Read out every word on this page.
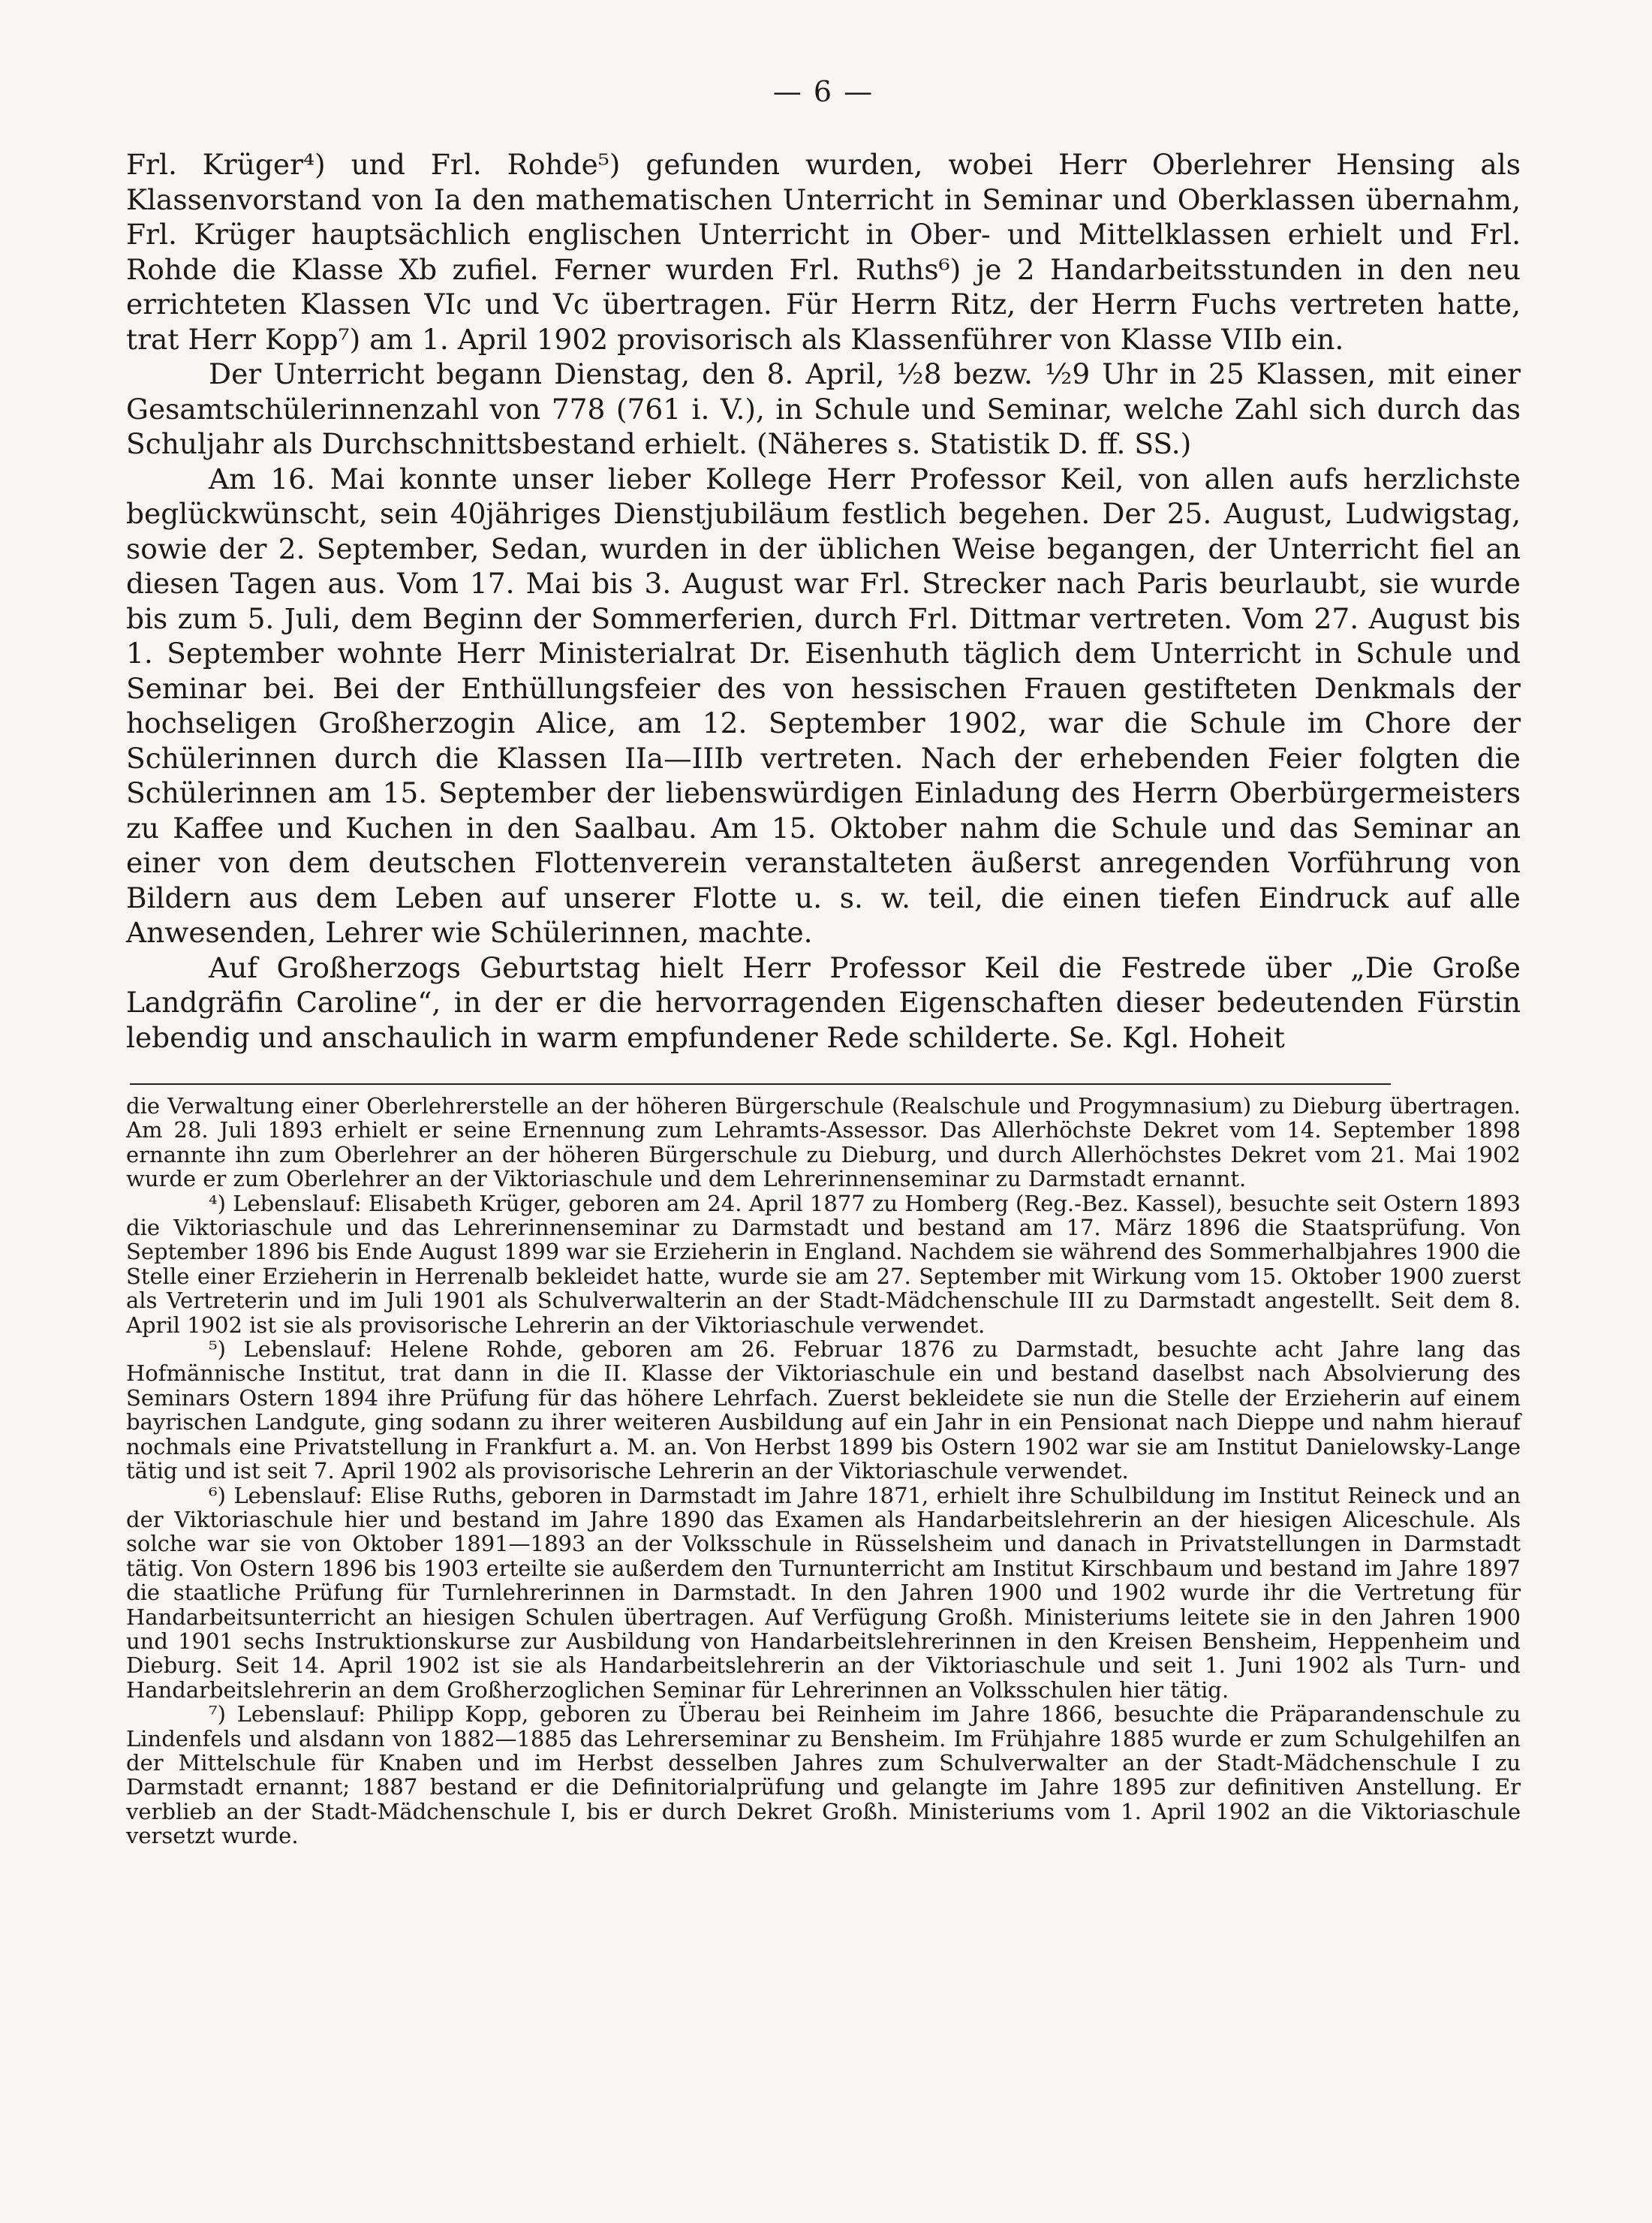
— 6 —

Frl. Krüger⁴) und Frl. Rohde⁵) gefunden wurden, wobei Herr Oberlehrer Hensing als Klassenvorstand von Ia den mathematischen Unterricht in Seminar und Oberklassen übernahm, Frl. Krüger hauptsächlich englischen Unterricht in Ober- und Mittelklassen erhielt und Frl. Rohde die Klasse Xb zufiel. Ferner wurden Frl. Ruths⁶) je 2 Handarbeitsstunden in den neu errichteten Klassen VIc und Vc übertragen. Für Herrn Ritz, der Herrn Fuchs vertreten hatte, trat Herr Kopp⁷) am 1. April 1902 provisorisch als Klassenführer von Klasse VIIb ein.

Der Unterricht begann Dienstag, den 8. April, ½8 bezw. ½9 Uhr in 25 Klassen, mit einer Gesamtschülerinnenzahl von 778 (761 i. V.), in Schule und Seminar, welche Zahl sich durch das Schuljahr als Durchschnittsbestand erhielt. (Näheres s. Statistik D. ff. SS.)

Am 16. Mai konnte unser lieber Kollege Herr Professor Keil, von allen aufs herzlichste beglückwünscht, sein 40jähriges Dienstjubiläum festlich begehen. Der 25. August, Ludwigstag, sowie der 2. September, Sedan, wurden in der üblichen Weise begangen, der Unterricht fiel an diesen Tagen aus. Vom 17. Mai bis 3. August war Frl. Strecker nach Paris beurlaubt, sie wurde bis zum 5. Juli, dem Beginn der Sommerferien, durch Frl. Dittmar vertreten. Vom 27. August bis 1. September wohnte Herr Ministerialrat Dr. Eisenhuth täglich dem Unterricht in Schule und Seminar bei. Bei der Enthüllungsfeier des von hessischen Frauen gestifteten Denkmals der hochseligen Großherzogin Alice, am 12. September 1902, war die Schule im Chore der Schülerinnen durch die Klassen IIa—IIIb vertreten. Nach der erhebenden Feier folgten die Schülerinnen am 15. September der liebenswürdigen Einladung des Herrn Oberbürgermeisters zu Kaffee und Kuchen in den Saalbau. Am 15. Oktober nahm die Schule und das Seminar an einer von dem deutschen Flottenverein veranstalteten äußerst anregenden Vorführung von Bildern aus dem Leben auf unserer Flotte u. s. w. teil, die einen tiefen Eindruck auf alle Anwesenden, Lehrer wie Schülerinnen, machte.

Auf Großherzogs Geburtstag hielt Herr Professor Keil die Festrede über „Die Große Landgräfin Caroline“, in der er die hervorragenden Eigenschaften dieser bedeutenden Fürstin lebendig und anschaulich in warm empfundener Rede schilderte. Se. Kgl. Hoheit

die Verwaltung einer Oberlehrerstelle an der höheren Bürgerschule (Realschule und Progymnasium) zu Dieburg übertragen. Am 28. Juli 1893 erhielt er seine Ernennung zum Lehramts-Assessor. Das Allerhöchste Dekret vom 14. September 1898 ernannte ihn zum Oberlehrer an der höheren Bürgerschule zu Dieburg, und durch Allerhöchstes Dekret vom 21. Mai 1902 wurde er zum Oberlehrer an der Viktoriaschule und dem Lehrerinnenseminar zu Darmstadt ernannt.

⁴) Lebenslauf: Elisabeth Krüger, geboren am 24. April 1877 zu Homberg (Reg.-Bez. Kassel), besuchte seit Ostern 1893 die Viktoriaschule und das Lehrerinnenseminar zu Darmstadt und bestand am 17. März 1896 die Staatsprüfung. Von September 1896 bis Ende August 1899 war sie Erzieherin in England. Nachdem sie während des Sommerhalbjahres 1900 die Stelle einer Erzieherin in Herrenalb bekleidet hatte, wurde sie am 27. September mit Wirkung vom 15. Oktober 1900 zuerst als Vertreterin und im Juli 1901 als Schulverwalterin an der Stadt-Mädchenschule III zu Darmstadt angestellt. Seit dem 8. April 1902 ist sie als provisorische Lehrerin an der Viktoriaschule verwendet.

⁵) Lebenslauf: Helene Rohde, geboren am 26. Februar 1876 zu Darmstadt, besuchte acht Jahre lang das Hofmännische Institut, trat dann in die II. Klasse der Viktoriaschule ein und bestand daselbst nach Absolvierung des Seminars Ostern 1894 ihre Prüfung für das höhere Lehrfach. Zuerst bekleidete sie nun die Stelle der Erzieherin auf einem bayrischen Landgute, ging sodann zu ihrer weiteren Ausbildung auf ein Jahr in ein Pensionat nach Dieppe und nahm hierauf nochmals eine Privatstellung in Frankfurt a. M. an. Von Herbst 1899 bis Ostern 1902 war sie am Institut Danielowsky-Lange tätig und ist seit 7. April 1902 als provisorische Lehrerin an der Viktoriaschule verwendet.

⁶) Lebenslauf: Elise Ruths, geboren in Darmstadt im Jahre 1871, erhielt ihre Schulbildung im Institut Reineck und an der Viktoriaschule hier und bestand im Jahre 1890 das Examen als Handarbeitslehrerin an der hiesigen Aliceschule. Als solche war sie von Oktober 1891—1893 an der Volksschule in Rüsselsheim und danach in Privatstellungen in Darmstadt tätig. Von Ostern 1896 bis 1903 erteilte sie außerdem den Turnunterricht am Institut Kirschbaum und bestand im Jahre 1897 die staatliche Prüfung für Turnlehrerinnen in Darmstadt. In den Jahren 1900 und 1902 wurde ihr die Vertretung für Handarbeitsunterricht an hiesigen Schulen übertragen. Auf Verfügung Großh. Ministeriums leitete sie in den Jahren 1900 und 1901 sechs Instruktionskurse zur Ausbildung von Handarbeitslehrerinnen in den Kreisen Bensheim, Heppenheim und Dieburg. Seit 14. April 1902 ist sie als Handarbeitslehrerin an der Viktoriaschule und seit 1. Juni 1902 als Turn- und Handarbeitslehrerin an dem Großherzoglichen Seminar für Lehrerinnen an Volksschulen hier tätig.

⁷) Lebenslauf: Philipp Kopp, geboren zu Überau bei Reinheim im Jahre 1866, besuchte die Präparandenschule zu Lindenfels und alsdann von 1882—1885 das Lehrerseminar zu Bensheim. Im Frühjahre 1885 wurde er zum Schulgehilfen an der Mittelschule für Knaben und im Herbst desselben Jahres zum Schulverwalter an der Stadt-Mädchenschule I zu Darmstadt ernannt; 1887 bestand er die Definitorialprüfung und gelangte im Jahre 1895 zur definitiven Anstellung. Er verblieb an der Stadt-Mädchenschule I, bis er durch Dekret Großh. Ministeriums vom 1. April 1902 an die Viktoriaschule versetzt wurde.
